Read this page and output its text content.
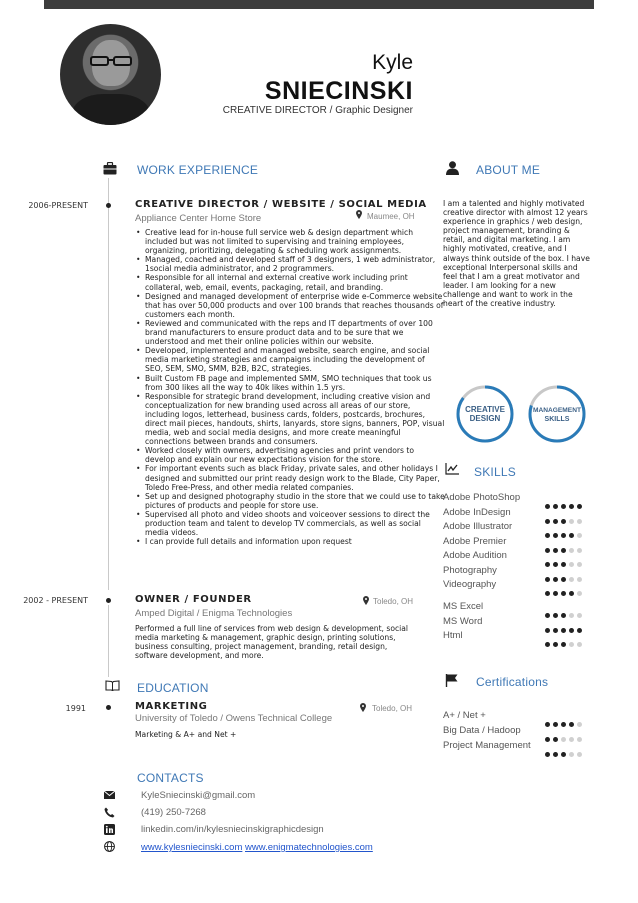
Kyle
SNIECINSKI
CREATIVE DIRECTOR / Graphic Designer
WORK EXPERIENCE
2006-PRESENT	CREATIVE DIRECTOR / WEBSITE / SOCIAL MEDIA
Appliance Center Home Store	Maumee, OH
• Creative lead for in-house full service web & design department which included but was not limited to supervising and training employees, organizing, prioritizing, delegating & scheduling work assignments.
• Managed, coached and developed staff of 3 designers, 1 web administrator, 1social media administrator, and 2 programmers.
• Responsible for all internal and external creative work including print collateral, web, email, events, packaging, retail, and branding.
• Designed and managed development of enterprise wide e-Commerce website that has over 50,000 products and over 100 brands that reaches thousands of customers each month.
• Reviewed and communicated with the reps and IT departments of over 100 brand manufacturers to ensure product data and to be sure that we understood and met their online policies within our website.
• Developed, implemented and managed website, search engine, and social media marketing strategies and campaigns including the development of SEO, SEM, SMO, SMM, B2B, B2C, strategies.
• Built Custom FB page and implemented SMM, SMO techniques that took us from 300 likes all the way to 40k likes within 1.5 yrs.
• Responsible for strategic brand development, including creative vision and conceptualization for new branding used across all areas of our store, including logos, letterhead, business cards, folders, postcards, brochures, direct mail pieces, handouts, shirts, lanyards, store signs, banners, POP, visual media, web and social media designs, and more create meaningful connections between brands and consumers.
• Worked closely with owners, advertising agencies and print vendors to develop and explain our new expectations vision for the store.
• For important events such as black Friday, private sales, and other holidays I designed and submitted our print ready design work to the Blade, City Paper, Toledo Free-Press, and other media related companies.
• Set up and designed photography studio in the store that we could use to take pictures of products and people for store use.
• Supervised all photo and video shoots and voiceover sessions to direct the production team and talent to develop TV commercials, as well as social media videos.
• I can provide full details and information upon request
2002 - PRESENT	OWNER / FOUNDER
Amped Digital / Enigma Technologies
Toledo, OH
Performed a full line of services from web design & development, social media marketing & management, graphic design, printing solutions, business consulting, project management, branding, retail design, software development, and more.
EDUCATION
1991	MARKETING
University of Toledo / Owens Technical College
Toledo, OH
Marketing & A+ and Net +
CONTACTS
KyleSniecinski@gmail.com
(419) 250-7268
linkedin.com/in/kylesniecinskigraphicdesign
www.kylesniecinski.com www.enigmatechnologies.com
ABOUT ME
I am a talented and highly motivated creative director with almost 12 years experience in graphics / web design, project management, branding & retail, and digital marketing. I am highly motivated, creative, and I always think outside of the box. I have exceptional Interpersonal skills and feel that I am a great motivator and leader. I am looking for a new challenge and want to work in the heart of the creative industry.
CREATIVE
DESIGN
MANAGEMENT
SKILLS
SKILLS
Adobe PhotoShop
Adobe InDesign
Adobe Illustrator
Adobe Premier
Adobe Audition
Photography
Videography
MS Excel
MS Word
Html
Certifications
A+ / Net +
Big Data / Hadoop
Project Management
